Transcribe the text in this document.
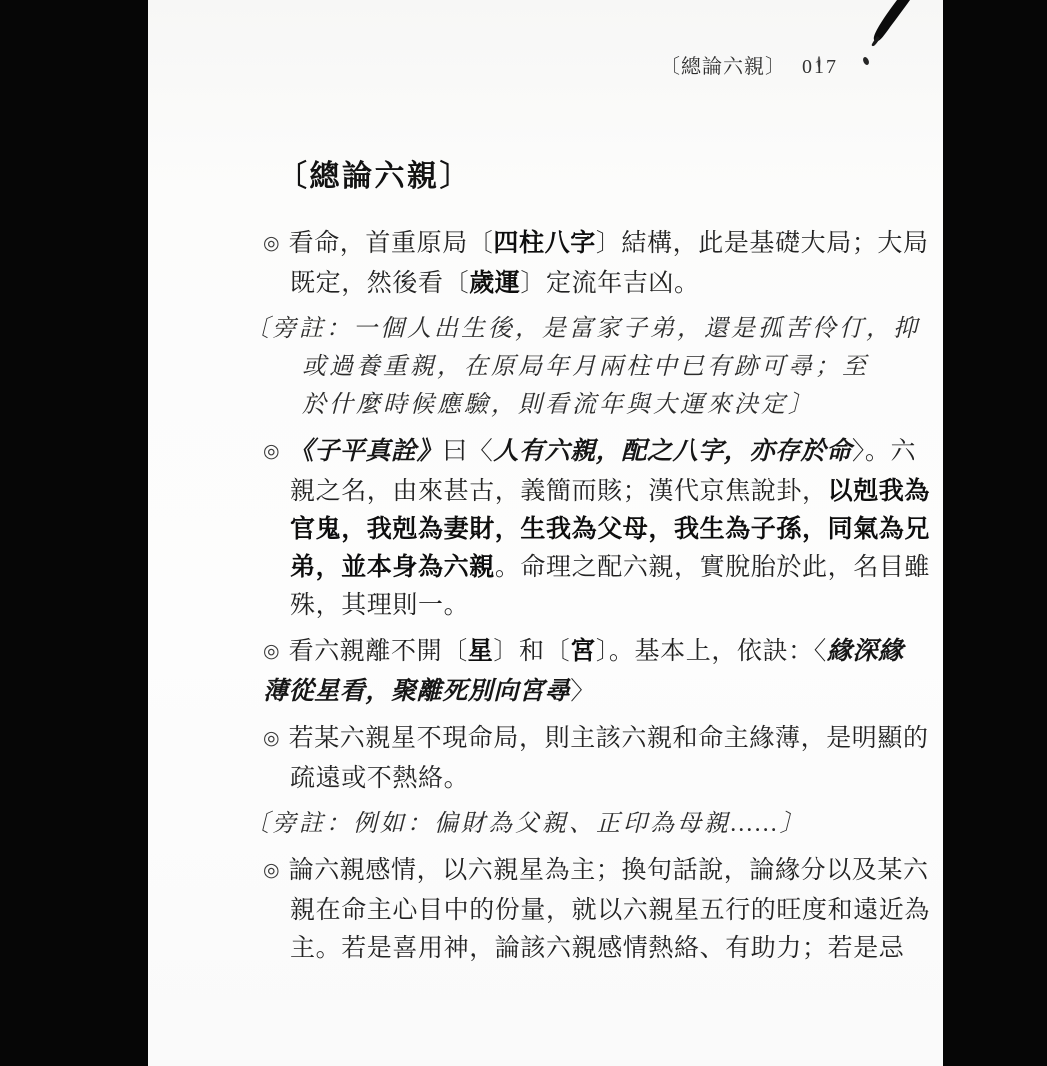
〔總論六親〕 017
〔總論六親〕
◎ 看命，首重原局〔四柱八字〕結構，此是基礎大局；大局
既定，然後看〔歲運〕定流年吉凶。
〔旁註：一個人出生後，是富家子弟，還是孤苦伶仃，抑
或過養重親，在原局年月兩柱中已有跡可尋；至
於什麼時候應驗，則看流年與大運來決定〕
◎ 《子平真詮》曰〈人有六親，配之八字，亦存於命〉。六
親之名，由來甚古，義簡而賅；漢代京焦說卦，以剋我為
官鬼，我剋為妻財，生我為父母，我生為子孫，同氣為兄
弟，並本身為六親。命理之配六親，實脫胎於此，名目雖
殊，其理則一。
◎ 看六親離不開〔星〕和〔宮〕。基本上，依訣：〈緣深緣
薄從星看，聚離死別向宮尋〉
◎ 若某六親星不現命局，則主該六親和命主緣薄，是明顯的
疏遠或不熱絡。
〔旁註：例如：偏財為父親、正印為母親……〕
◎ 論六親感情，以六親星為主；換句話說，論緣分以及某六
親在命主心目中的份量，就以六親星五行的旺度和遠近為
主。若是喜用神，論該六親感情熱絡、有助力；若是忌
